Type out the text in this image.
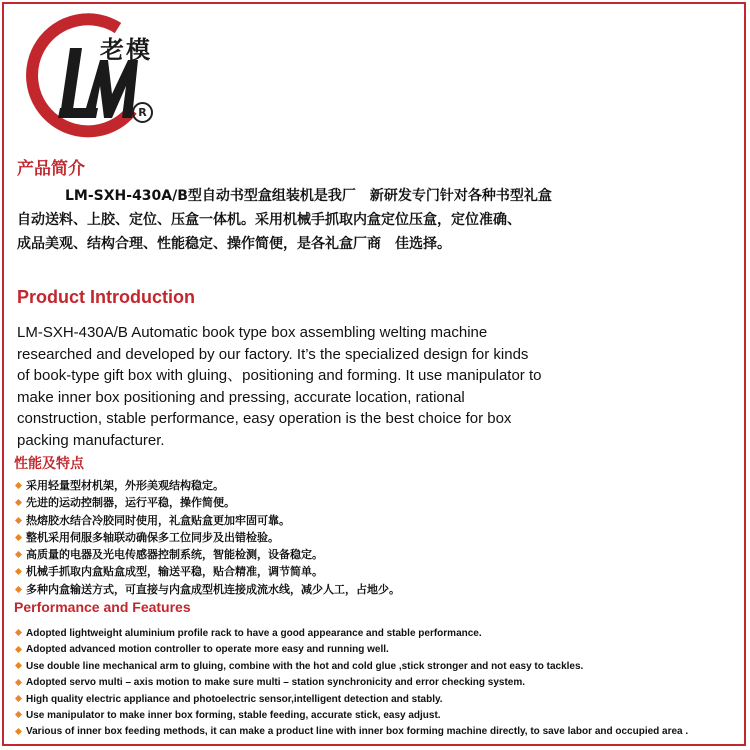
老模
R
产品简介

LM-SXH-430A/B型自动书型盒组装机是我厂　新研发专门针对各种书型礼盒
自动送料、上胶、定位、压盒一体机。采用机械手抓取内盒定位压盒，定位准确、
成品美观、结构合理、性能稳定、操作简便，是各礼盒厂商　佳选择。

Product Introduction

LM-SXH-430A/B Automatic book type box assembling welting machine
researched and developed by our factory. It’s the specialized design for kinds
of book-type gift box with gluing、positioning and forming. It use manipulator to
make inner box positioning and pressing, accurate location, rational
construction, stable performance, easy operation is the best choice for box
packing manufacturer.

性能及特点
采用轻量型材机架，外形美观结构稳定。
先进的运动控制器，运行平稳，操作简便。
热熔胶水结合冷胶同时使用，礼盒贴盒更加牢固可靠。
整机采用伺服多轴联动确保多工位同步及出错检验。
高质量的电器及光电传感器控制系统，智能检测，设备稳定。
机械手抓取内盒贴盒成型，输送平稳，贴合精准，调节简单。
多种内盒输送方式，可直接与内盒成型机连接成流水线，减少人工，占地少。
Performance and Features
Adopted lightweight aluminium profile rack to have a good appearance and stable performance.
Adopted advanced motion controller to operate more easy and running well.
Use double line mechanical arm to gluing, combine with the hot and cold glue ,stick stronger and not easy to tackles.
Adopted servo multi – axis motion to make sure multi – station synchronicity and error checking system.
High quality electric appliance and photoelectric sensor,intelligent detection and stably.
Use manipulator to make inner box forming, stable feeding, accurate stick, easy adjust.
Various of inner box feeding methods, it can make a product line with inner box forming machine directly, to save labor and occupied area .
